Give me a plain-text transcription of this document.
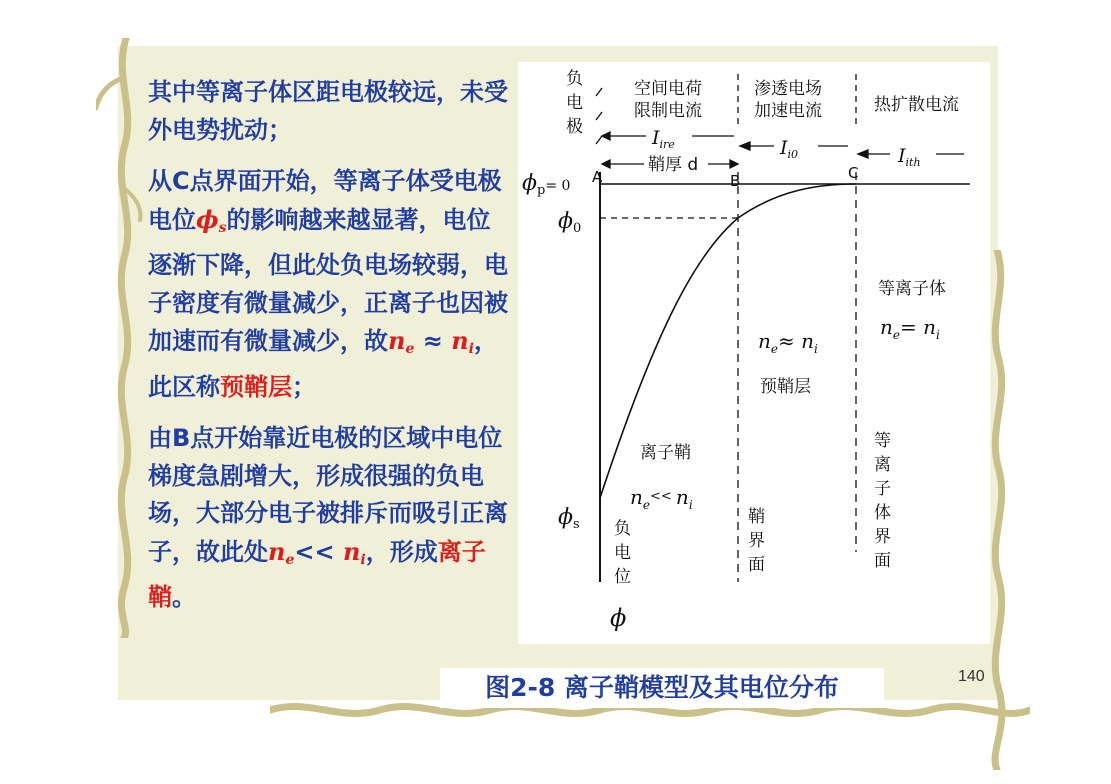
其中等离子体区距电极较远，未受外电势扰动；

从C点界面开始，等离子体受电极电位$\phi_s$的影响越来越显著，电位逐渐下降，但此处负电场较弱，电子密度有微量减少，正离子也因被加速而有微量减少，故$n_e \approx n_i$，此区称预鞘层；

由B点开始靠近电极的区域中电位梯度急剧增大，形成很强的负电场，大部分电子被排斥而吸引正离子，故此处$n_e<< n_i$，形成离子鞘。

负
电
极
空间电荷
限制电流
渗透电场
加速电流	热扩散电流
$I_{ire}$	$I_{i0}$	$I_{ith}$
鞘厚 d
A	B	C
ϕp= 0
ϕ0
ϕs 负
电
位
ϕ
等离子体
$n_e= n_i$
$n_e\approx n_i$
预鞘层
离子鞘
$n_e^{<<}$ $n_i$
鞘
界
面
等
离
子
体
界
面
图2-8 离子鞘模型及其电位分布	140
